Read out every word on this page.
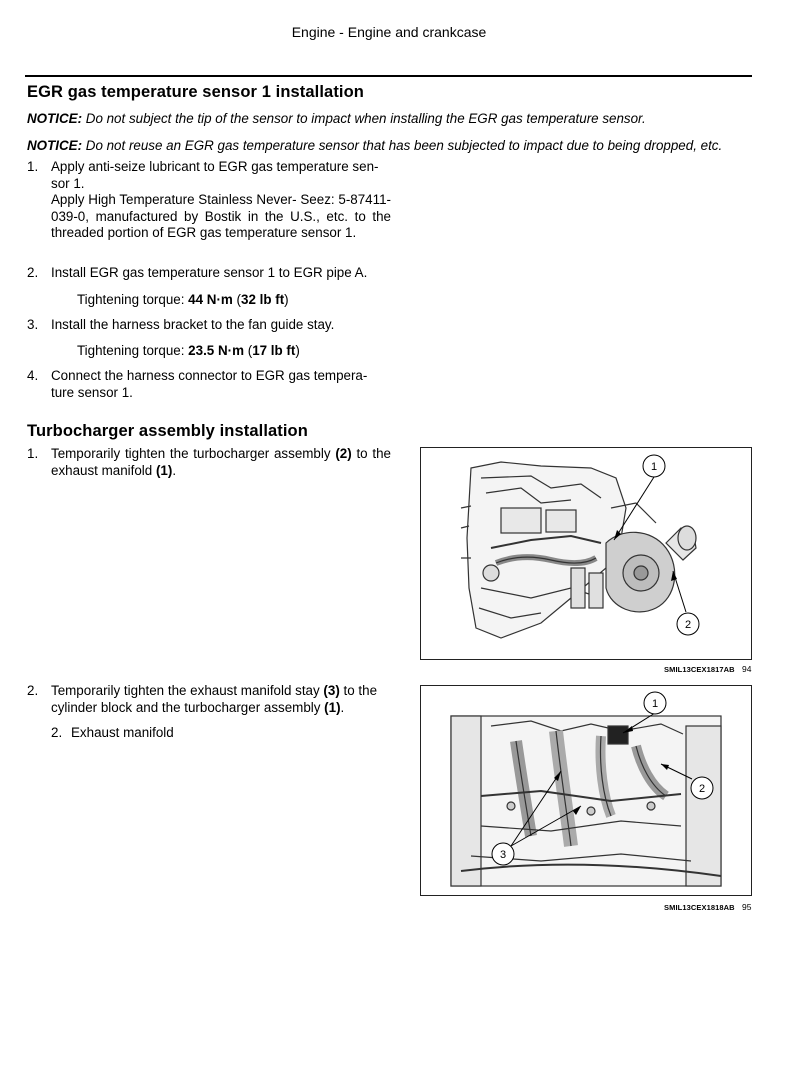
Engine - Engine and crankcase
EGR gas temperature sensor 1 installation
NOTICE: Do not subject the tip of the sensor to impact when installing the EGR gas temperature sensor.
NOTICE: Do not reuse an EGR gas temperature sensor that has been subjected to impact due to being dropped, etc.
1. Apply anti-seize lubricant to EGR gas temperature sen-
sor 1.
Apply High Temperature Stainless Never- Seez: 5-87411- 039-0, manufactured by Bostik in the U.S., etc. to the threaded portion of EGR gas temperature sensor 1.
2. Install EGR gas temperature sensor 1 to EGR pipe A.
Tightening torque: 44 N·m (32 lb ft)
3. Install the harness bracket to the fan guide stay.
Tightening torque: 23.5 N·m (17 lb ft)
4. Connect the harness connector to EGR gas tempera-
ture sensor 1.
Turbocharger assembly installation
1. Temporarily tighten the turbocharger assembly (2) to the exhaust manifold (1).
2. Temporarily tighten the exhaust manifold stay (3) to the cylinder block and the turbocharger assembly (1).
2. Exhaust manifold
1
2
SMIL13CEX1817AB 94
1
2
3
SMIL13CEX1818AB 95
